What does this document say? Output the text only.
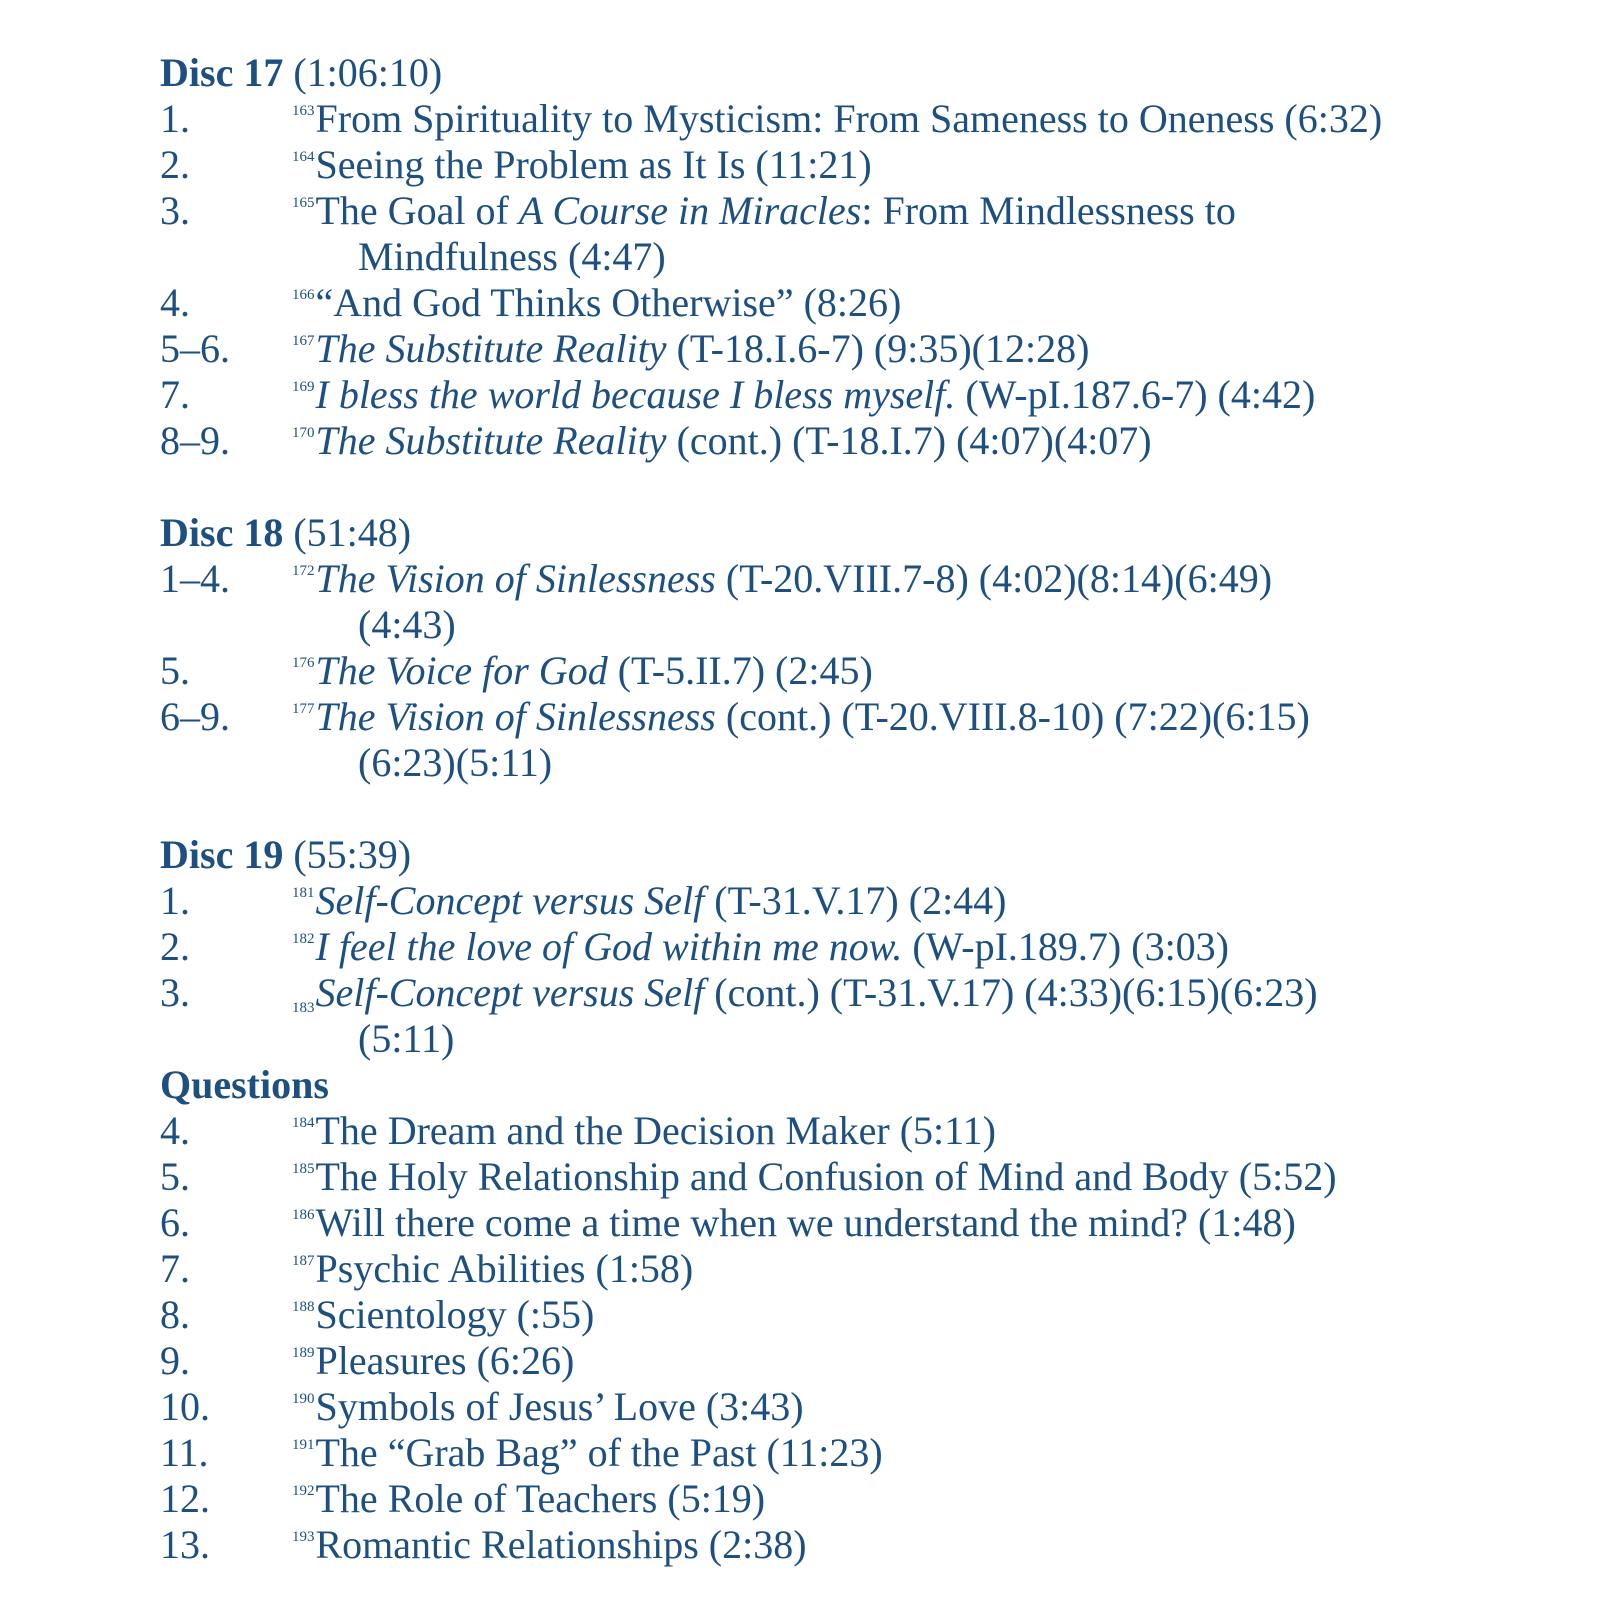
Disc 17 (1:06:10)
1.	$^{163}$From Spirituality to Mysticism: From Sameness to Oneness (6:32)
2.	$^{164}$Seeing the Problem as It Is (11:21)
3.	$^{165}$The Goal of A Course in Miracles: From Mindlessness to
Mindfulness (4:47)
4.	$^{166}$“And God Thinks Otherwise” (8:26)
5–6.	$^{167}$The Substitute Reality (T-18.I.6-7) (9:35)(12:28)
7.	$^{169}$I bless the world because I bless myself. (W-pI.187.6-7) (4:42)
8–9.	$^{170}$The Substitute Reality (cont.) (T-18.I.7) (4:07)(4:07)
Disc 18 (51:48)
1–4.	$^{172}$The Vision of Sinlessness (T-20.VIII.7-8) (4:02)(8:14)(6:49)
(4:43)
5.	$^{176}$The Voice for God (T-5.II.7) (2:45)
6–9.	$^{177}$The Vision of Sinlessness (cont.) (T-20.VIII.8-10) (7:22)(6:15)
(6:23)(5:11)
Disc 19 (55:39)
1.	$^{181}$Self-Concept versus Self (T-31.V.17) (2:44)
2.	$^{182}$I feel the love of God within me now. (W-pI.189.7) (3:03)
3.	$_{183}$Self-Concept versus Self (cont.) (T-31.V.17) (4:33)(6:15)(6:23)
(5:11)
Questions
4.	$^{184}$The Dream and the Decision Maker (5:11)
5.	$^{185}$The Holy Relationship and Confusion of Mind and Body (5:52)
6.	$^{186}$Will there come a time when we understand the mind? (1:48)
7.	$^{187}$Psychic Abilities (1:58)
8.	$^{188}$Scientology (:55)
9.	$^{189}$Pleasures (6:26)
10.	$^{190}$Symbols of Jesus’ Love (3:43)
11.	$^{191}$The “Grab Bag” of the Past (11:23)
12.	$^{192}$The Role of Teachers (5:19)
13.	$^{193}$Romantic Relationships (2:38)
